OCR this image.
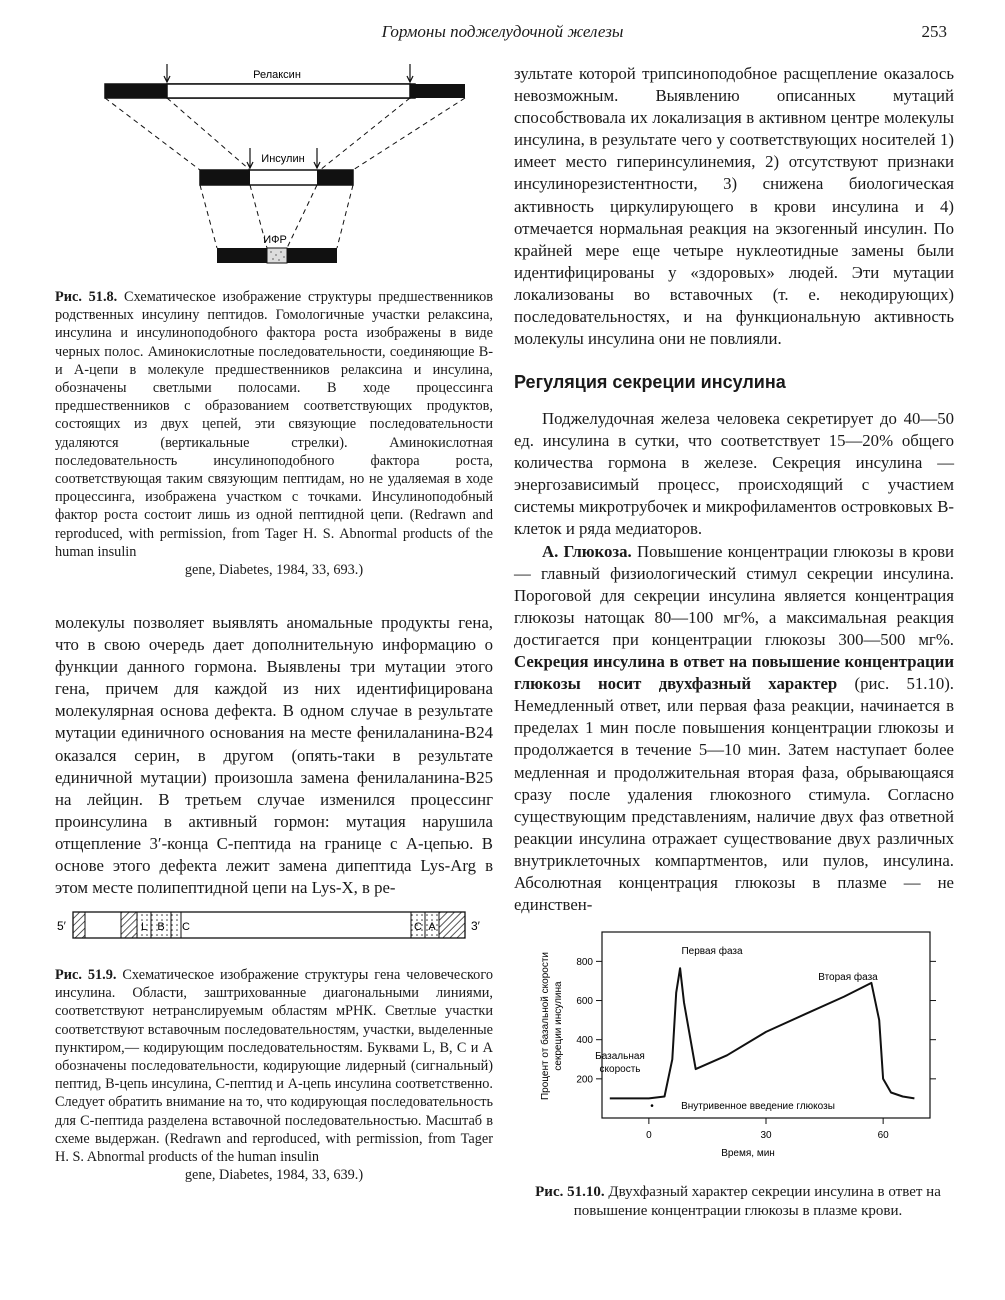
Гормоны поджелудочной железы	253
Релаксин
Инсулин
ИФР

Рис. 51.8. Схематическое изображение структуры предшественников родственных инсулину пептидов. Гомологичные участки релаксина, инсулина и инсулиноподобного фактора роста изображены в виде черных полос. Аминокислотные последовательности, соединяющие B- и А-цепи в молекуле предшественников релаксина и инсулина, обозначены светлыми полосами. В ходе процессинга предшественников с образованием соответствующих продуктов, состоящих из двух цепей, эти связующие последовательности удаляются (вертикальные стрелки). Аминокислотная последовательность инсулиноподобного фактора роста, соответствующая таким связующим пептидам, но не удаляемая в ходе процессинга, изображена участком с точками. Инсулиноподобный фактор роста состоит лишь из одной пептидной цепи. (Redrawn and reproduced, with permission, from Tager H. S. Abnormal products of the human insulin

gene, Diabetes, 1984, 33, 693.)

молекулы позволяет выявлять аномальные продукты гена, что в свою очередь дает дополнительную информацию о функции данного гормона. Выявлены три мутации этого гена, причем для каждой из них идентифицирована молекулярная основа дефекта. В одном случае в результате мутации единичного основания на месте фенилаланина-B24 оказался серин, в другом (опять-таки в результате единичной мутации) произошла замена фенилаланина-B25 на лейцин. В третьем случае изменился процессинг проинсулина в активный гормон: мутация нарушила отщепление 3′-конца С-пептида на границе с А-цепью. В основе этого дефекта лежит замена дипептида Lys-Arg в этом месте полипептидной цепи на Lys-X, в ре-

5′	L B C	C A	3′

Рис. 51.9. Схематическое изображение структуры гена человеческого инсулина. Области, заштрихованные диагональными линиями, соответствуют нетранслируемым областям мРНК. Светлые участки соответствуют вставочным последовательностям, участки, выделенные пунктиром,— кодирующим последовательностям. Буквами L, B, C и А обозначены последовательности, кодирующие лидерный (сигнальный) пептид, B-цепь инсулина, С-пептид и А-цепь инсулина соответственно. Следует обратить внимание на то, что кодирующая последовательность для С-пептида разделена вставочной последовательностью. Масштаб в схеме выдержан. (Redrawn and reproduced, with permission, from Tager H. S. Abnormal products of the human insulin

gene, Diabetes, 1984, 33, 639.)

зультате которой трипсиноподобное расщепление оказалось невозможным. Выявлению описанных мутаций способствовала их локализация в активном центре молекулы инсулина, в результате чего у соответствующих носителей 1) имеет место гиперинсулинемия, 2) отсутствуют признаки инсулинорезистентности, 3) снижена биологическая активность циркулирующего в крови инсулина и 4) отмечается нормальная реакция на экзогенный инсулин. По крайней мере еще четыре нуклеотидные замены были идентифицированы у «здоровых» людей. Эти мутации локализованы во вставочных (т. е. некодирующих) последовательностях, и на функциональную активность молекулы инсулина они не повлияли.

Регуляция секреции инсулина

Поджелудочная железа человека секретирует до 40—50 ед. инсулина в сутки, что соответствует 15—20% общего количества гормона в железе. Секреция инсулина — энергозависимый процесс, происходящий с участием системы микротрубочек и микрофиламентов островковых B-клеток и ряда медиаторов.

А. Глюкоза. Повышение концентрации глюкозы в крови — главный физиологический стимул секреции инсулина. Пороговой для секреции инсулина является концентрация глюкозы натощак 80—100 мг%, а максимальная реакция достигается при концентрации глюкозы 300—500 мг%. Секреция инсулина в ответ на повышение концентрации глюкозы носит двухфазный характер (рис. 51.10). Немедленный ответ, или первая фаза реакции, начинается в пределах 1 мин после повышения концентрации глюкозы и продолжается в течение 5—10 мин. Затем наступает более медленная и продолжительная вторая фаза, обрывающаяся сразу после удаления глюкозного стимула. Согласно существующим представлениям, наличие двух фаз ответной реакции инсулина отражает существование двух различных внутриклеточных компартментов, или пулов, инсулина. Абсолютная концентрация глюкозы в плазме — не единствен-

200
400
600
800
0	30	60
Первая фаза
Вторая фаза
Базальная
скорость
•	Внутривенное введение глюкозы
Время, мин
Процент от базальной скорости секреции инсулина

Рис. 51.10. Двухфазный характер секреции инсулина в ответ на повышение концентрации глюкозы в плазме крови.
